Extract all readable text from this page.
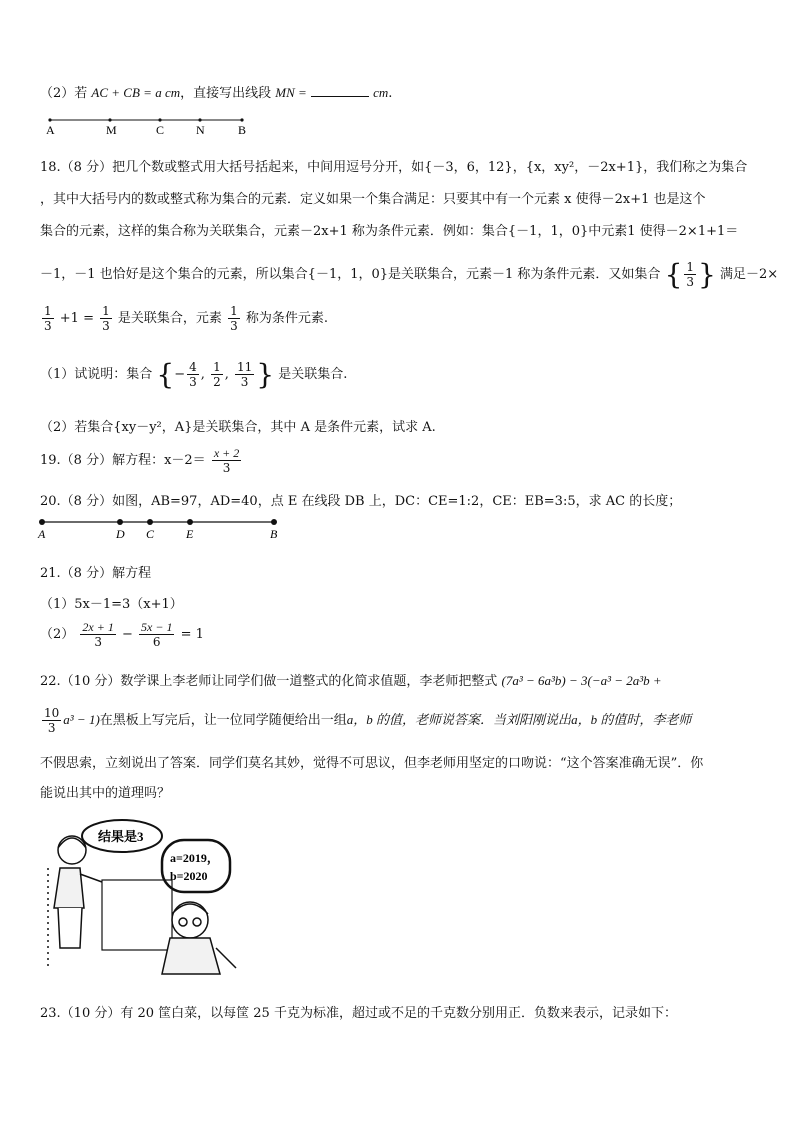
（2）若 AC + CB = a cm，直接写出线段 MN =	cm.
A	M	C	N	B
18.（8 分）把几个数或整式用大括号括起来，中间用逗号分开，如{－3，6，12}，{x，xy²，－2x+1}，我们称之为集合
，其中大括号内的数或整式称为集合的元素．定义如果一个集合满足：只要其中有一个元素 x 使得－2x+1 也是这个
集合的元素，这样的集合称为关联集合，元素－2x+1 称为条件元素．例如：集合{－1，1，0}中元素1 使得－2×1+1＝
－1，－1 也恰好是这个集合的元素，所以集合{－1，1，0}是关联集合，元素－1 称为条件元素．又如集合 { $\frac{1}{3}$ } 满足－2×
$\frac{1}{3} +1 = \frac{1}{3}$ 是关联集合，元素 $\frac{1}{3}$ 称为条件元素.
（1）试说明：集合 {− $\frac{4}{3}$ , $\frac{1}{2}$ , $\frac{11}{3}$ } 是关联集合.
（2）若集合{xy－y²，A}是关联集合，其中 A 是条件元素，试求 A.
19.（8 分）解方程：$x-2= \frac{x + 2}{3}$
20.（8 分）如图，AB=97，AD=40，点 E 在线段 DB 上，DC：CE=1:2，CE：EB=3:5，求 AC 的长度；
A	D C	E	B
21.（8 分）解方程
（1）5x－1=3（x+1）
$(2) \frac{2x + 1}{3} - \frac{5x - 1}{6} = 1$
22.（10 分）数学课上李老师让同学们做一道整式的化简求值题，李老师把整式 (7a³ − 6a³b) − 3(−a³ − 2a³b +
$\frac{10}{3} a^3 - 1$)在黑板上写完后，让一位同学随便给出一组a，b 的值，老师说答案．当刘阳刚说出a，b 的值时，李老师
不假思索，立刻说出了答案．同学们莫名其妙，觉得不可思议，但李老师用坚定的口吻说：“这个答案准确无误”．你
能说出其中的道理吗？
结果是3
a=2019，
b=2020
23.（10 分）有 20 筐白菜，以每筐 25 千克为标准，超过或不足的千克数分别用正．负数来表示，记录如下：
